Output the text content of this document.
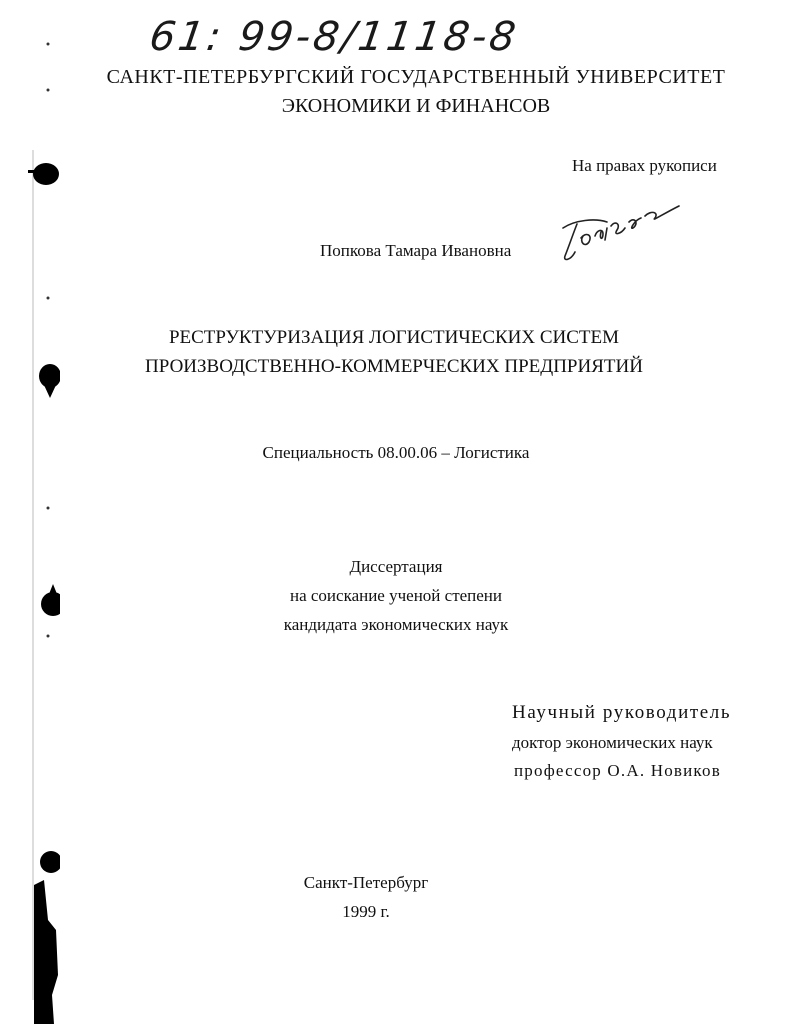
61: 99-8/1118-8
САНКТ-ПЕТЕРБУРГСКИЙ ГОСУДАРСТВЕННЫЙ УНИВЕРСИТЕТ
ЭКОНОМИКИ И ФИНАНСОВ
На правах рукописи
Попкова Тамара Ивановна
РЕСТРУКТУРИЗАЦИЯ ЛОГИСТИЧЕСКИХ СИСТЕМ
ПРОИЗВОДСТВЕННО-КОММЕРЧЕСКИХ ПРЕДПРИЯТИЙ
Специальность 08.00.06 – Логистика
Диссертация
на соискание ученой степени
кандидата экономических наук
Научный руководитель
доктор экономических наук
профессор О.А. Новиков
Санкт-Петербург
1999 г.
